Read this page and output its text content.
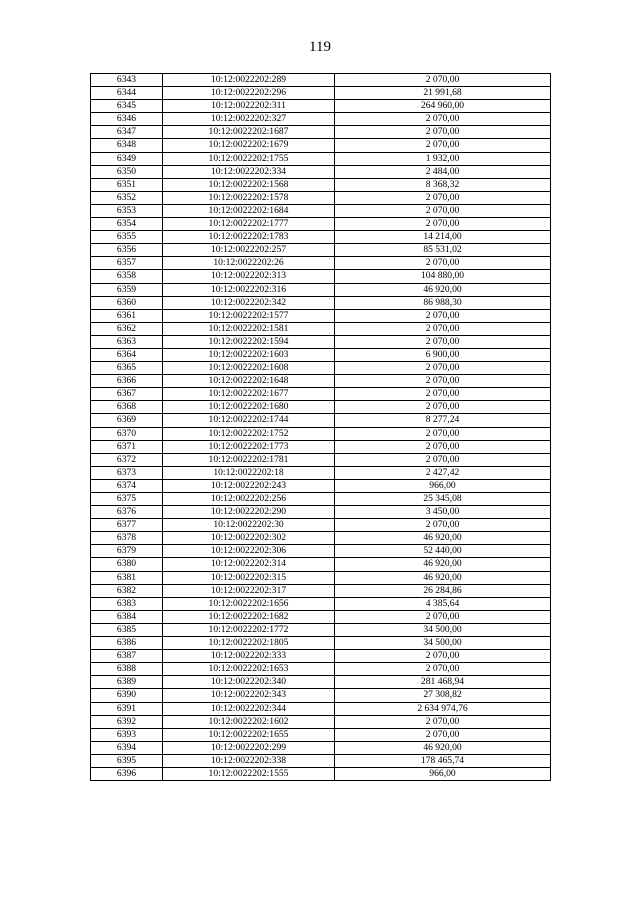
119
6343	10:12:0022202:289	2 070,00
6344	10:12:0022202:296	21 991,68
6345	10:12:0022202:311	264 960,00
6346	10:12:0022202:327	2 070,00
6347	10:12:0022202:1687	2 070,00
6348	10:12:0022202:1679	2 070,00
6349	10:12:0022202:1755	1 932,00
6350	10:12:0022202:334	2 484,00
6351	10:12:0022202:1568	8 368,32
6352	10:12:0022202:1578	2 070,00
6353	10:12:0022202:1684	2 070,00
6354	10:12:0022202:1777	2 070,00
6355	10:12:0022202:1783	14 214,00
6356	10:12:0022202:257	85 531,02
6357	10:12:0022202:26	2 070,00
6358	10:12:0022202:313	104 880,00
6359	10:12:0022202:316	46 920,00
6360	10:12:0022202:342	86 988,30
6361	10:12:0022202:1577	2 070,00
6362	10:12:0022202:1581	2 070,00
6363	10:12:0022202:1594	2 070,00
6364	10:12:0022202:1603	6 900,00
6365	10:12:0022202:1608	2 070,00
6366	10:12:0022202:1648	2 070,00
6367	10:12:0022202:1677	2 070,00
6368	10:12:0022202:1680	2 070,00
6369	10:12:0022202:1744	8 277,24
6370	10:12:0022202:1752	2 070,00
6371	10:12:0022202:1773	2 070,00
6372	10:12:0022202:1781	2 070,00
6373	10:12:0022202:18	2 427,42
6374	10:12:0022202:243	966,00
6375	10:12:0022202:256	25 345,08
6376	10:12:0022202:290	3 450,00
6377	10:12:0022202:30	2 070,00
6378	10:12:0022202:302	46 920,00
6379	10:12:0022202:306	52 440,00
6380	10:12:0022202:314	46 920,00
6381	10:12:0022202:315	46 920,00
6382	10:12:0022202:317	26 284,86
6383	10:12:0022202:1656	4 385,64
6384	10:12:0022202:1682	2 070,00
6385	10:12:0022202:1772	34 500,00
6386	10:12:0022202:1805	34 500,00
6387	10:12:0022202:333	2 070,00
6388	10:12:0022202:1653	2 070,00
6389	10:12:0022202:340	281 468,94
6390	10:12:0022202:343	27 308,82
6391	10:12:0022202:344	2 634 974,76
6392	10:12:0022202:1602	2 070,00
6393	10:12:0022202:1655	2 070,00
6394	10:12:0022202:299	46 920,00
6395	10:12:0022202:338	178 465,74
6396	10:12:0022202:1555	966,00
